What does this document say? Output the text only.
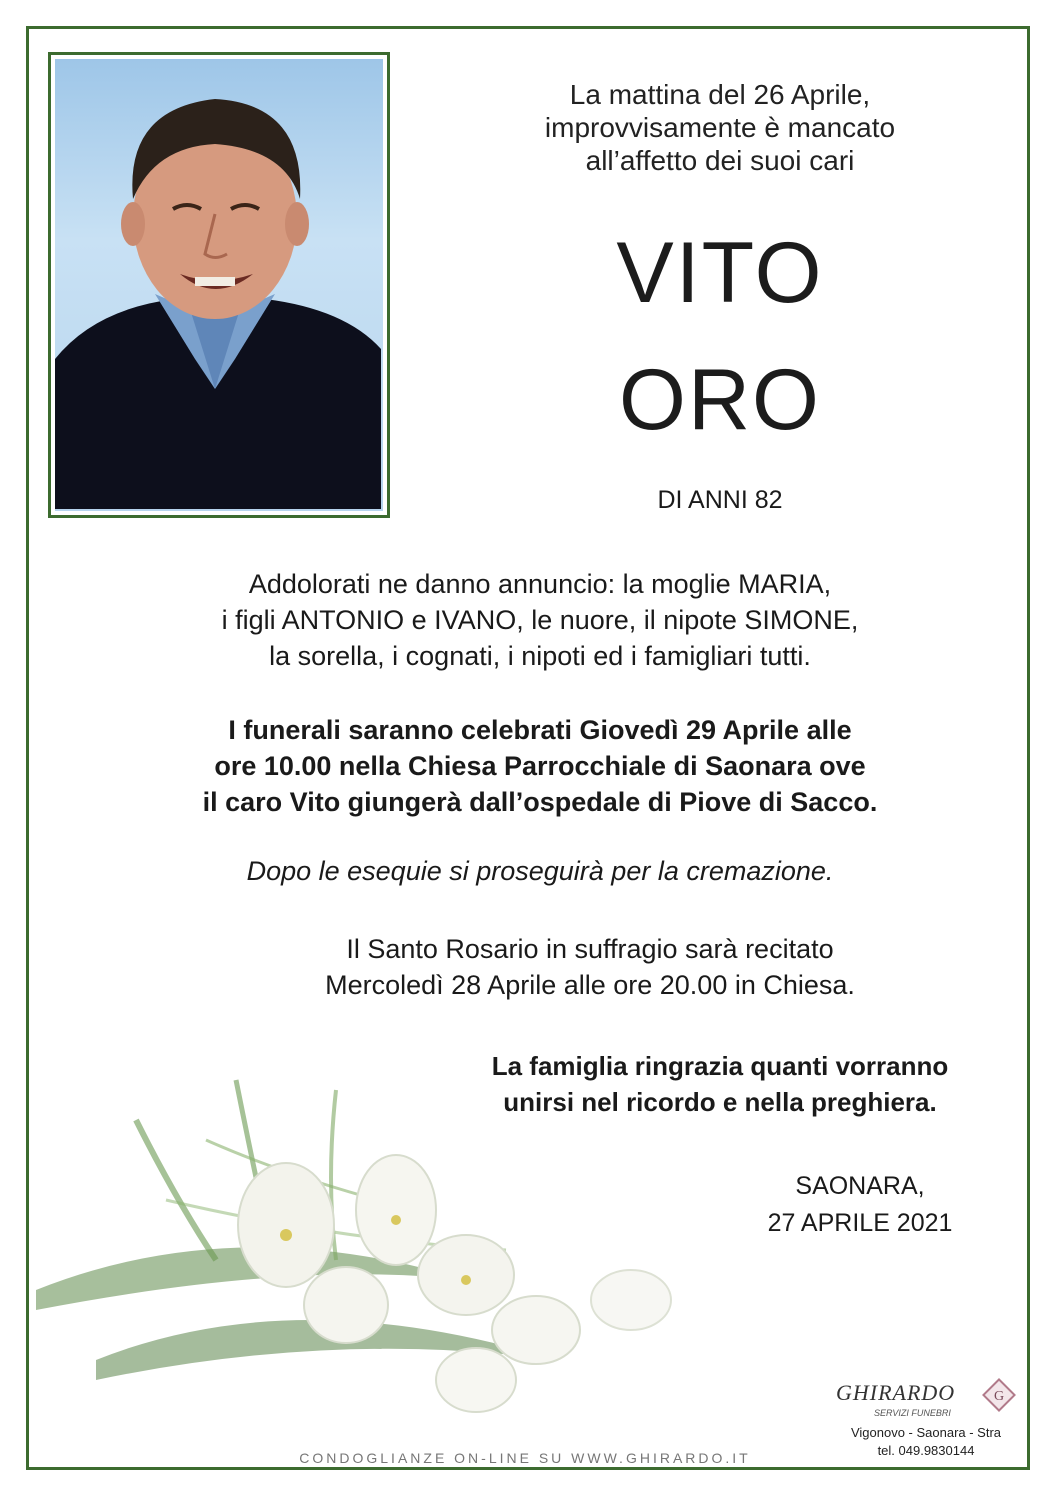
La mattina del 26 Aprile,
improvvisamente è mancato
all’affetto dei suoi cari
VITO
ORO
DI ANNI 82
Addolorati ne danno annuncio: la moglie MARIA,
i figli ANTONIO e IVANO, le nuore, il nipote SIMONE,
la sorella, i cognati, i nipoti ed i famigliari tutti.
I funerali saranno celebrati Giovedì 29 Aprile alle
ore 10.00 nella Chiesa Parrocchiale di Saonara ove
il caro Vito giungerà dall’ospedale di Piove di Sacco.
Dopo le esequie si proseguirà per la cremazione.
Il Santo Rosario in suffragio sarà recitato
Mercoledì 28 Aprile alle ore 20.00 in Chiesa.
La famiglia ringrazia quanti vorranno
unirsi nel ricordo e nella preghiera.
SAONARA,
27 APRILE 2021
CONDOGLIANZE ON-LINE SU WWW.GHIRARDO.IT
GHIRARDO
SERVIZI FUNEBRI
G
Vigonovo - Saonara - Stra
tel. 049.9830144
